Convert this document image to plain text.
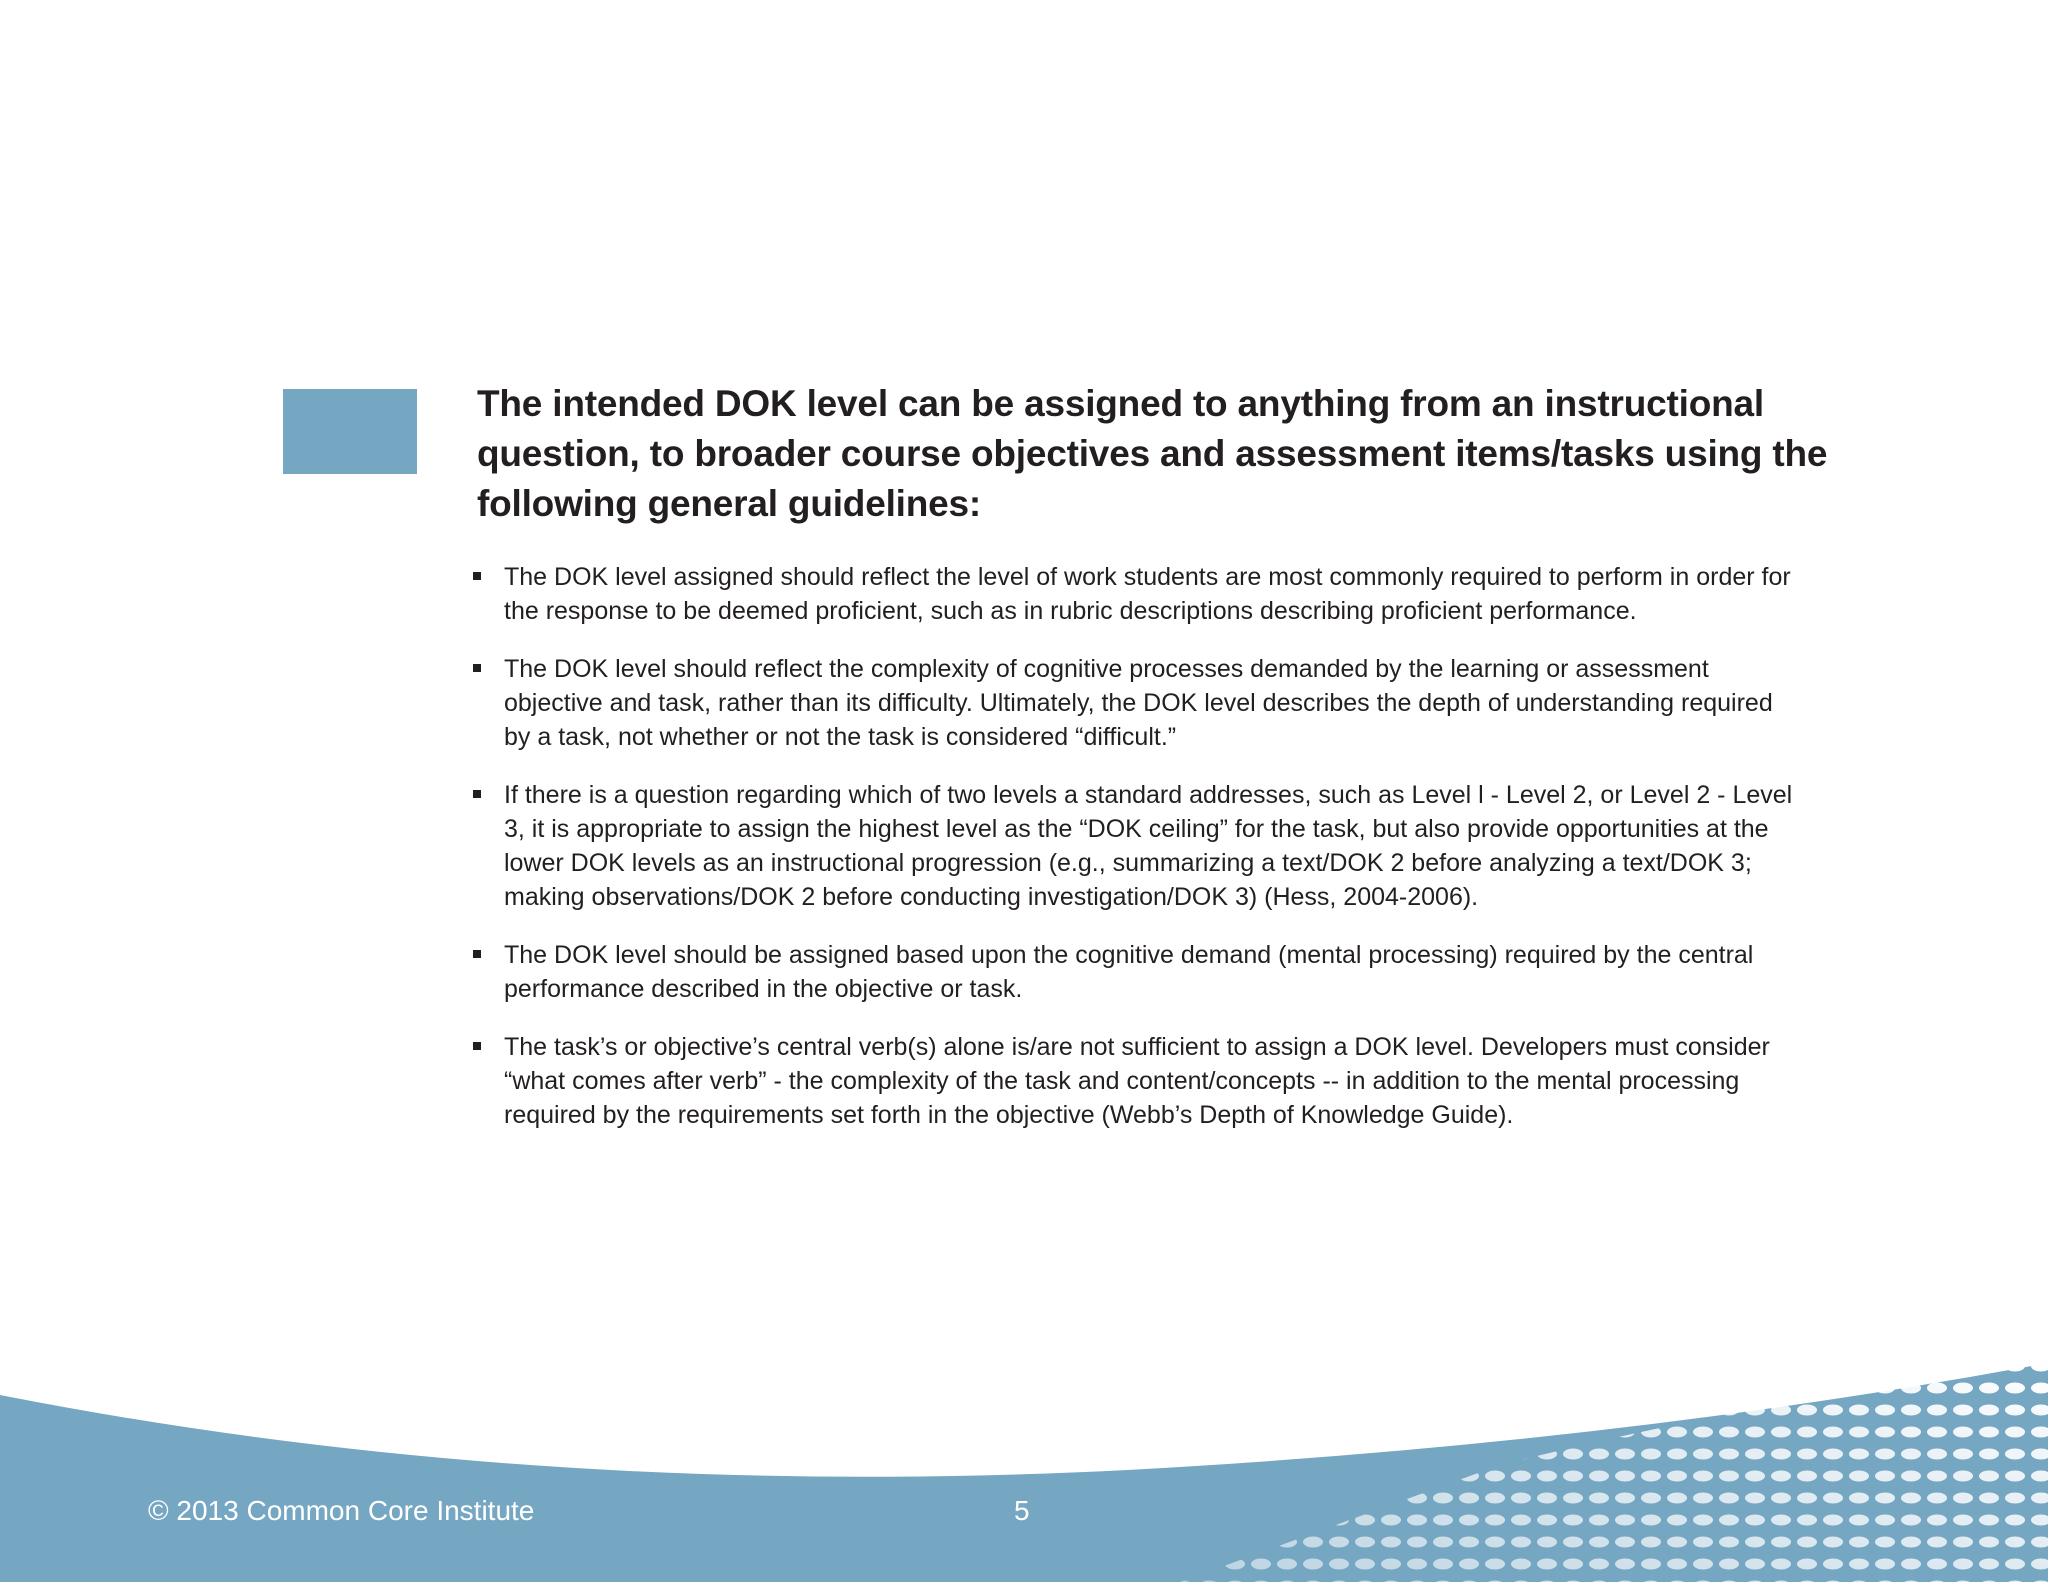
The intended DOK level can be assigned to anything from an instructional question, to broader course objectives and assessment items/tasks using the following general guidelines:
The DOK level assigned should reflect the level of work students are most commonly required to perform in order for the response to be deemed proficient, such as in rubric descriptions describing proficient performance.
The DOK level should reflect the complexity of cognitive processes demanded by the learning or assessment objective and task, rather than its difficulty. Ultimately, the DOK level describes the depth of understanding required by a task, not whether or not the task is considered “difficult.”
If there is a question regarding which of two levels a standard addresses, such as Level l - Level 2, or Level 2 - Level 3, it is appropriate to assign the highest level as the “DOK ceiling” for the task, but also provide opportunities at the lower DOK levels as an instructional progression (e.g., summarizing a text/DOK 2 before analyzing a text/DOK 3; making observations/DOK 2 before conducting investigation/DOK 3) (Hess, 2004-2006).
The DOK level should be assigned based upon the cognitive demand (mental processing) required by the central performance described in the objective or task.
The task’s or objective’s central verb(s) alone is/are not sufficient to assign a DOK level. Developers must consider “what comes after verb” - the complexity of the task and content/concepts -- in addition to the mental processing required by the requirements set forth in the objective (Webb’s Depth of Knowledge Guide).
© 2013 Common Core Institute	5
